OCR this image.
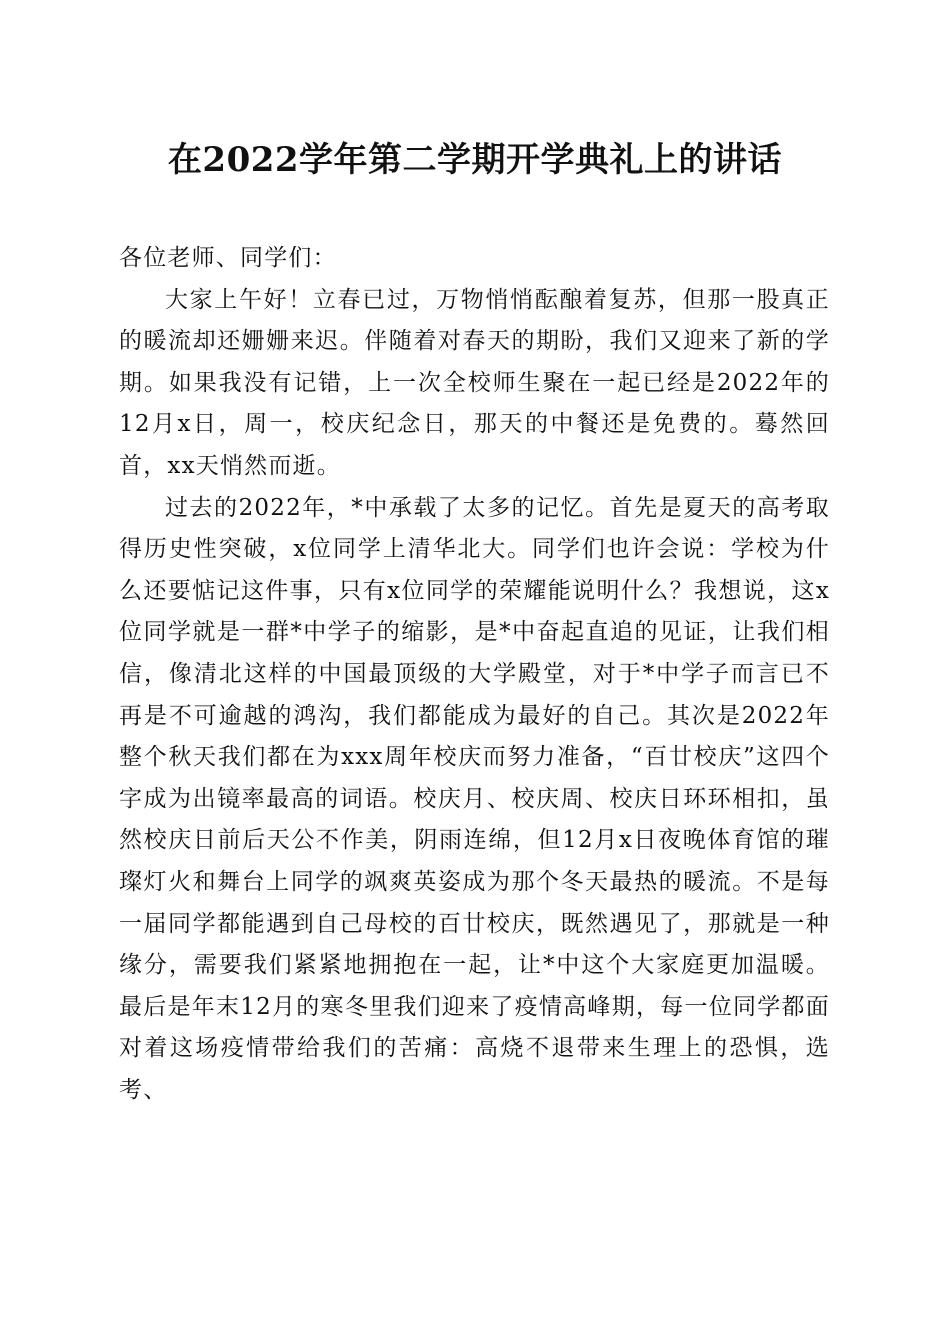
在2022学年第二学期开学典礼上的讲话

各位老师、同学们：

大家上午好！立春已过，万物悄悄酝酿着复苏，但那一股真正的暖流却还姗姗来迟。伴随着对春天的期盼，我们又迎来了新的学期。如果我没有记错，上一次全校师生聚在一起已经是2022年的12月x日，周一，校庆纪念日，那天的中餐还是免费的。蓦然回首，xx天悄然而逝。

过去的2022年，*中承载了太多的记忆。首先是夏天的高考取得历史性突破，x位同学上清华北大。同学们也许会说：学校为什么还要惦记这件事，只有x位同学的荣耀能说明什么？我想说，这x位同学就是一群*中学子的缩影，是*中奋起直追的见证，让我们相信，像清北这样的中国最顶级的大学殿堂，对于*中学子而言已不再是不可逾越的鸿沟，我们都能成为最好的自己。其次是2022年整个秋天我们都在为xxx周年校庆而努力准备，“百廿校庆”这四个字成为出镜率最高的词语。校庆月、校庆周、校庆日环环相扣，虽然校庆日前后天公不作美，阴雨连绵，但12月x日夜晚体育馆的璀璨灯火和舞台上同学的飒爽英姿成为那个冬天最热的暖流。不是每一届同学都能遇到自己母校的百廿校庆，既然遇见了，那就是一种缘分，需要我们紧紧地拥抱在一起，让*中这个大家庭更加温暖。最后是年末12月的寒冬里我们迎来了疫情高峰期，每一位同学都面对着这场疫情带给我们的苦痛：高烧不退带来生理上的恐惧，选考、
